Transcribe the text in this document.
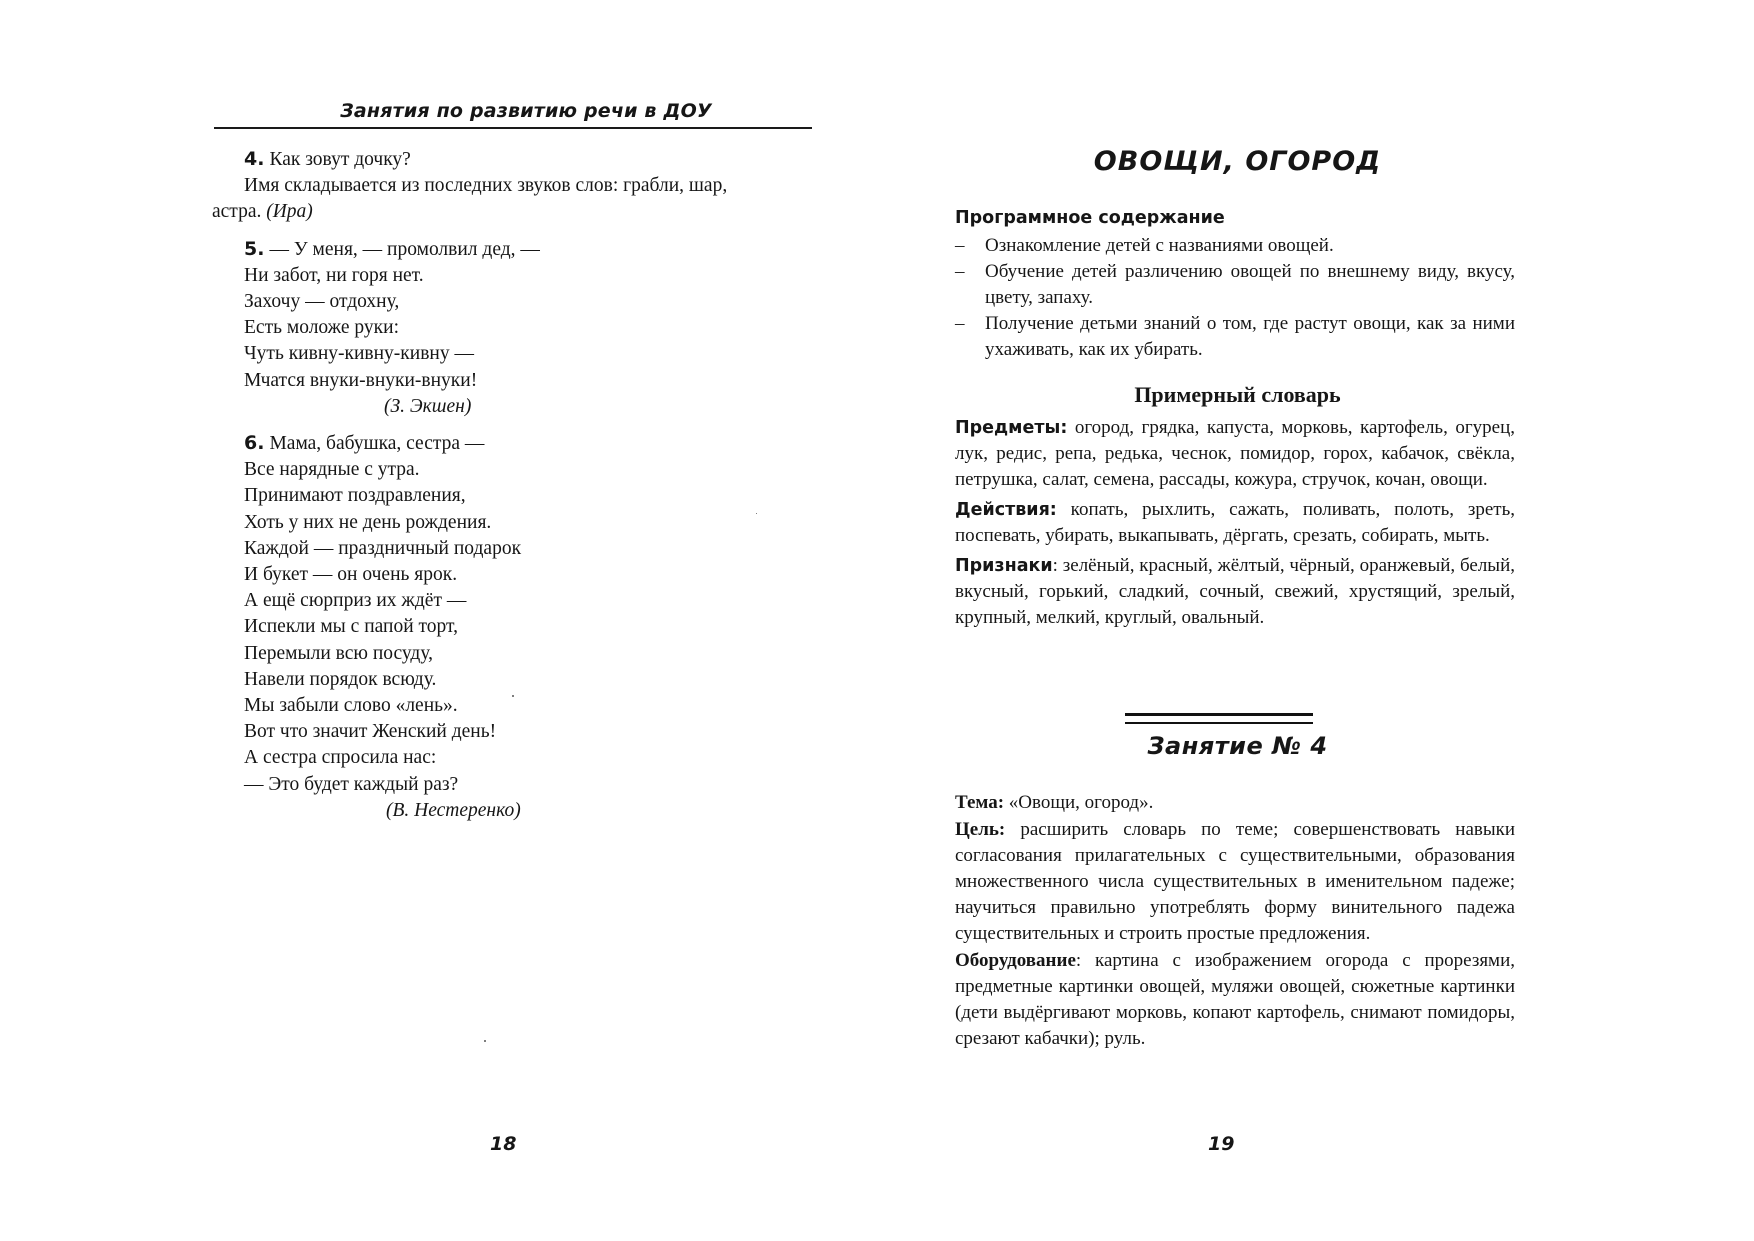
Занятия по развитию речи в ДОУ
4. Как зовут дочку?
Имя складывается из последних звуков слов: грабли, шар,
астра. (Ира)
5. — У меня, — промолвил дед, —
Ни забот, ни горя нет.
Захочу — отдохну,
Есть моложе руки:
Чуть кивну-кивну-кивну —
Мчатся внуки-внуки-внуки!
(З. Экшен)
6. Мама, бабушка, сестра —
Все нарядные с утра.
Принимают поздравления,
Хоть у них не день рождения.
Каждой — праздничный подарок
И букет — он очень ярок.
А ещё сюрприз их ждёт —
Испекли мы с папой торт,
Перемыли всю посуду,
Навели порядок всюду.
Мы забыли слово «лень».
Вот что значит Женский день!
А сестра спросила нас:
— Это будет каждый раз?
(В. Нестеренко)
18
ОВОЩИ, ОГОРОД
Программное содержание
– Ознакомление детей с названиями овощей.
– Обучение детей различению овощей по внешнему виду, вкусу, цвету, запаху.
– Получение детьми знаний о том, где растут овощи, как за ними ухаживать, как их убирать.
Примерный словарь

Предметы: огород, грядка, капуста, морковь, картофель, огурец, лук, редис, репа, редька, чеснок, помидор, горох, кабачок, свёкла, петрушка, салат, семена, рассады, кожура, стручок, кочан, овощи.

Действия: копать, рыхлить, сажать, поливать, полоть, зреть, поспевать, убирать, выкапывать, дёргать, срезать, собирать, мыть.

Признаки: зелёный, красный, жёлтый, чёрный, оранжевый, белый, вкусный, горький, сладкий, сочный, свежий, хрустящий, зрелый, крупный, мелкий, круглый, овальный.

Занятие № 4

Тема: «Овощи, огород».

Цель: расширить словарь по теме; совершенствовать навыки согласования прилагательных с существительными, образования множественного числа существительных в именительном падеже; научиться правильно употреблять форму винительного падежа существительных и строить простые предложения.

Оборудование: картина с изображением огорода с прорезями, предметные картинки овощей, муляжи овощей, сюжетные картинки (дети выдёргивают морковь, копают картофель, снимают помидоры, срезают кабачки); руль.

19
